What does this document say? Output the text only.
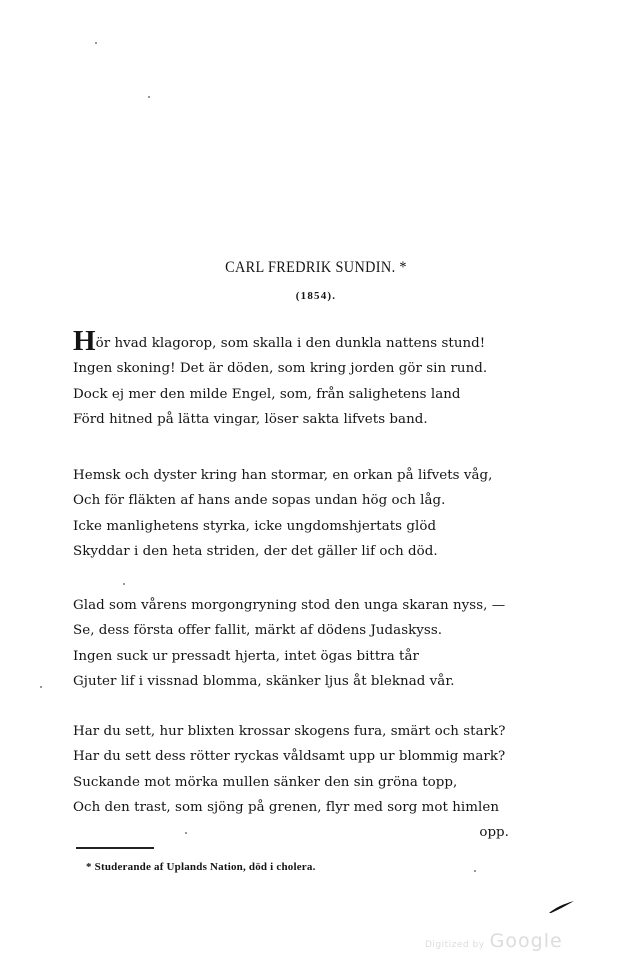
CARL FREDRIK SUNDIN. *
(1854).
Hör hvad klagorop, som skalla i den dunkla nattens stund!
Ingen skoning! Det är döden, som kring jorden gör sin rund.
Dock ej mer den milde Engel, som, från salighetens land
Förd hitned på lätta vingar, löser sakta lifvets band.
Hemsk och dyster kring han stormar, en orkan på lifvets våg,
Och för fläkten af hans ande sopas undan hög och låg.
Icke manlighetens styrka, icke ungdomshjertats glöd
Skyddar i den heta striden, der det gäller lif och död.
Glad som vårens morgongryning stod den unga skaran nyss, —
Se, dess första offer fallit, märkt af dödens Judaskyss.
Ingen suck ur pressadt hjerta, intet ögas bittra tår
Gjuter lif i vissnad blomma, skänker ljus åt bleknad vår.
Har du sett, hur blixten krossar skogens fura, smärt och stark?
Har du sett dess rötter ryckas våldsamt upp ur blommig mark?
Suckande mot mörka mullen sänker den sin gröna topp,
Och den trast, som sjöng på grenen, flyr med sorg mot himlen
opp.
* Studerande af Uplands Nation, död i cholera.
Digitized by Google
